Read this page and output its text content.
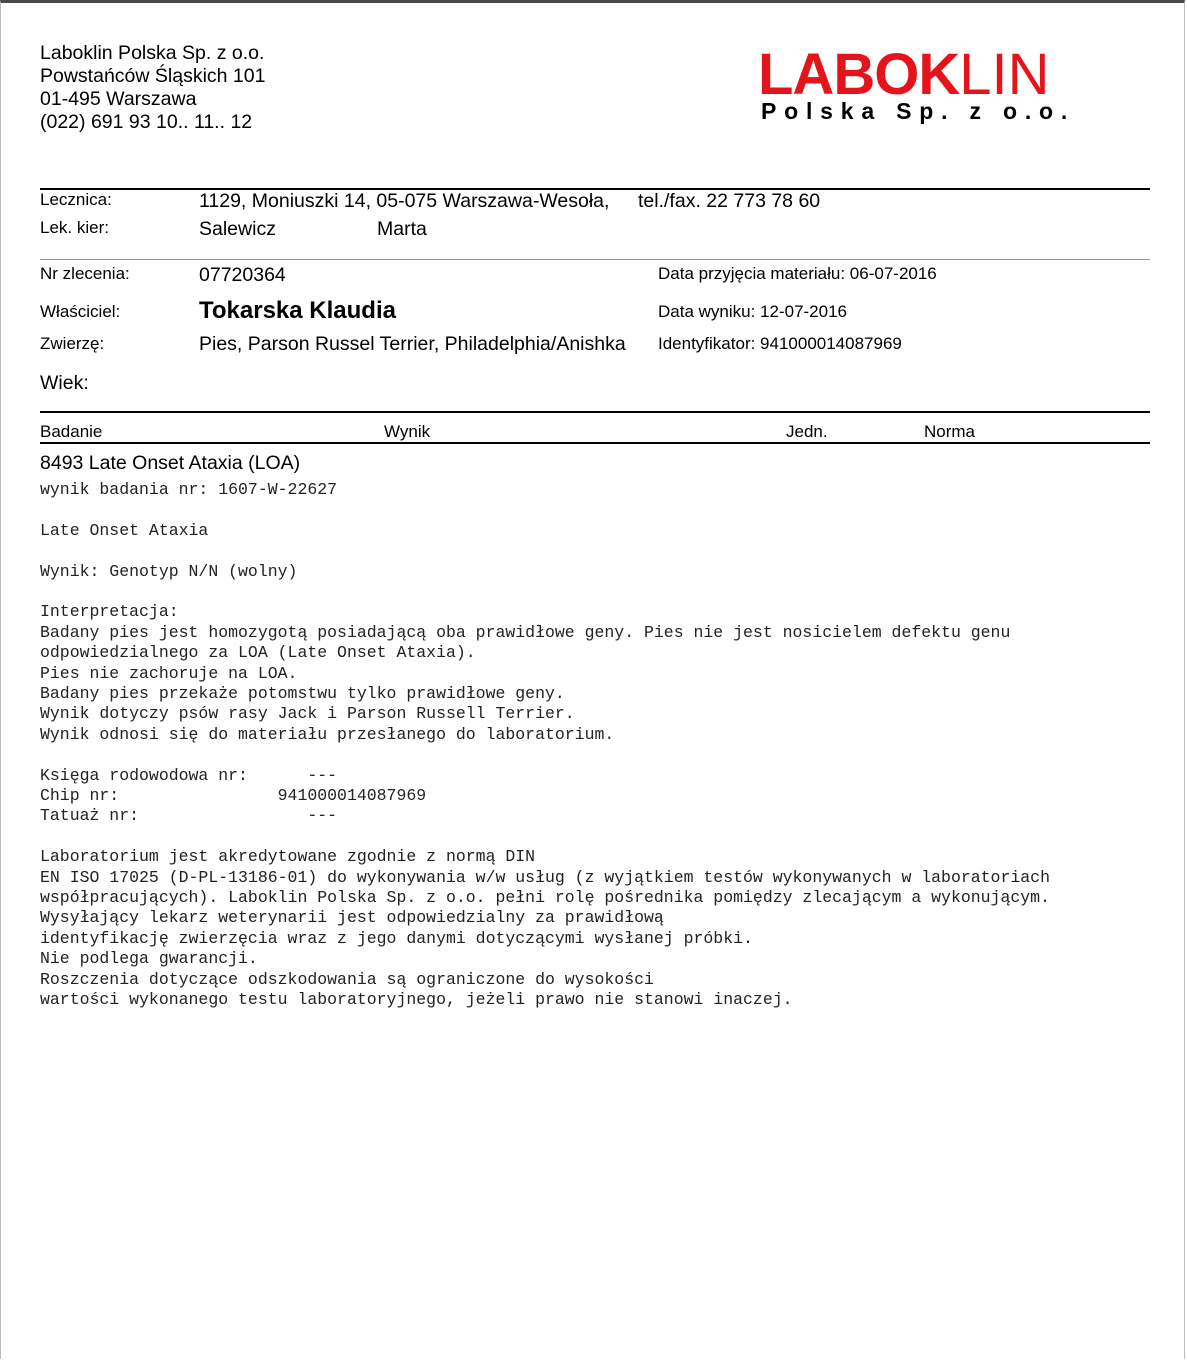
Laboklin Polska Sp. z o.o.
Powstańców Śląskich 101
01-495 Warszawa
(022) 691 93 10.. 11.. 12
LABOKLIN
Polska Sp. z o.o.
Lecznica:	1129, Moniuszki 14, 05-075 Warszawa-Wesoła, tel./fax. 22 773 78 60
Lek. kier:	Salewicz	Marta
Nr zlecenia:	07720364	Data przyjęcia materiału: 06-07-2016
Właściciel:	Tokarska Klaudia	Data wyniku: 12-07-2016
Zwierzę:	Pies, Parson Russel Terrier, Philadelphia/Anishka Identyfikator: 941000014087969
Wiek:
Badanie	Wynik	Jedn.	Norma
8493 Late Onset Ataxia (LOA)
wynik badania nr: 1607-W-22627

Late Onset Ataxia

Wynik: Genotyp N/N (wolny)

Interpretacja:
Badany pies jest homozygotą posiadającą oba prawidłowe geny. Pies nie jest nosicielem defektu genu
odpowiedzialnego za LOA (Late Onset Ataxia).
Pies nie zachoruje na LOA.
Badany pies przekaże potomstwu tylko prawidłowe geny.
Wynik dotyczy psów rasy Jack i Parson Russell Terrier.
Wynik odnosi się do materiału przesłanego do laboratorium.

Księga rodowodowa nr:      ---
Chip nr:                941000014087969
Tatuaż nr:                 ---

Laboratorium jest akredytowane zgodnie z normą DIN
EN ISO 17025 (D-PL-13186-01) do wykonywania w/w usług (z wyjątkiem testów wykonywanych w laboratoriach
współpracujących). Laboklin Polska Sp. z o.o. pełni rolę pośrednika pomiędzy zlecającym a wykonującym.
Wysyłający lekarz weterynarii jest odpowiedzialny za prawidłową
identyfikację zwierzęcia wraz z jego danymi dotyczącymi wysłanej próbki.
Nie podlega gwarancji.
Roszczenia dotyczące odszkodowania są ograniczone do wysokości
wartości wykonanego testu laboratoryjnego, jeżeli prawo nie stanowi inaczej.
